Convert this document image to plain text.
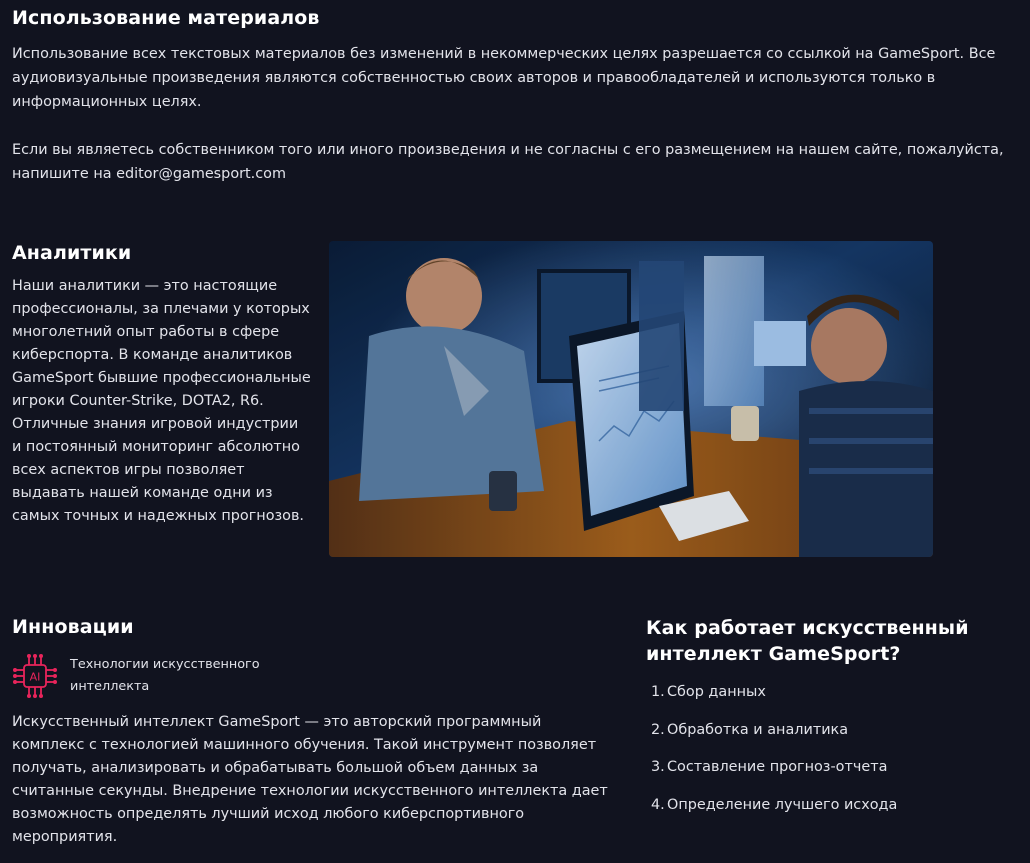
Использование материалов

Использование всех текстовых материалов без изменений в некоммерческих целях разрешается со ссылкой на GameSport. Все аудиовизуальные произведения являются собственностью своих авторов и правообладателей и используются только в информационных целях.

Если вы являетесь собственником того или иного произведения и не согласны с его размещением на нашем сайте, пожалуйста, напишите на editor@gamesport.com

Аналитики

Наши аналитики — это настоящие профессионалы, за плечами у которых многолетний опыт работы в сфере киберспорта. В команде аналитиков GameSport бывшие профессиональные игроки Counter-Strike, DOTA2, R6. Отличные знания игровой индустрии и постоянный мониторинг абсолютно всех аспектов игры позволяет выдавать нашей команде одни из самых точных и надежных прогнозов.

Инновации
AI
Технологии искусственного интеллекта

Искусственный интеллект GameSport — это авторский программный комплекс с технологией машинного обучения. Такой инструмент позволяет получать, анализировать и обрабатывать большой объем данных за считанные секунды. Внедрение технологии искусственного интеллекта дает возможность определять лучший исход любого киберспортивного мероприятия.

Как работает искусственный интеллект GameSport?
1. Сбор данных
2. Обработка и аналитика
3. Составление прогноз-отчета
4. Определение лучшего исхода
